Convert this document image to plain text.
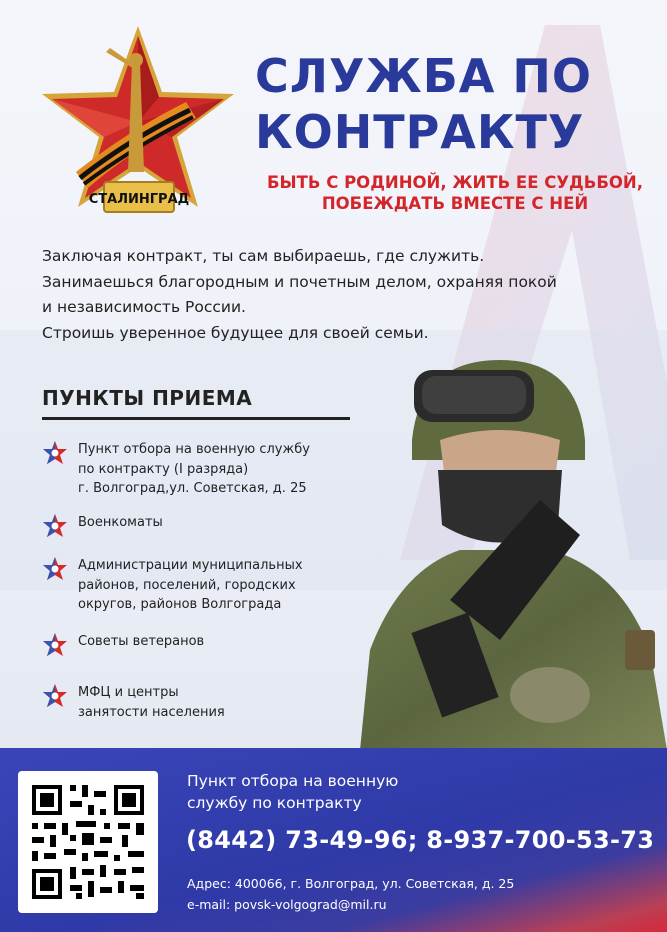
СТАЛИНГРАД
СЛУЖБА ПО
КОНТРАКТУ
БЫТЬ С РОДИНОЙ, ЖИТЬ ЕЕ СУДЬБОЙ,
ПОБЕЖДАТЬ ВМЕСТЕ С НЕЙ
Заключая контракт, ты сам выбираешь, где служить.
Занимаешься благородным и почетным делом, охраняя покой
и независимость России.
Строишь уверенное будущее для своей семьи.
ПУНКТЫ ПРИЕМА
Пункт отбора на военную службу
по контракту (I разряда)
г. Волгоград,ул. Советская, д. 25
Военкоматы
Администрации муниципальных
районов, поселений, городских
округов, районов Волгограда
Советы ветеранов
МФЦ и центры
занятости населения
Пункт отбора на военную
службу по контракту
(8442) 73-49-96; 8-937-700-53-73
Адрес: 400066, г. Волгоград, ул. Советская, д. 25
e-mail: povsk-volgograd@mil.ru
